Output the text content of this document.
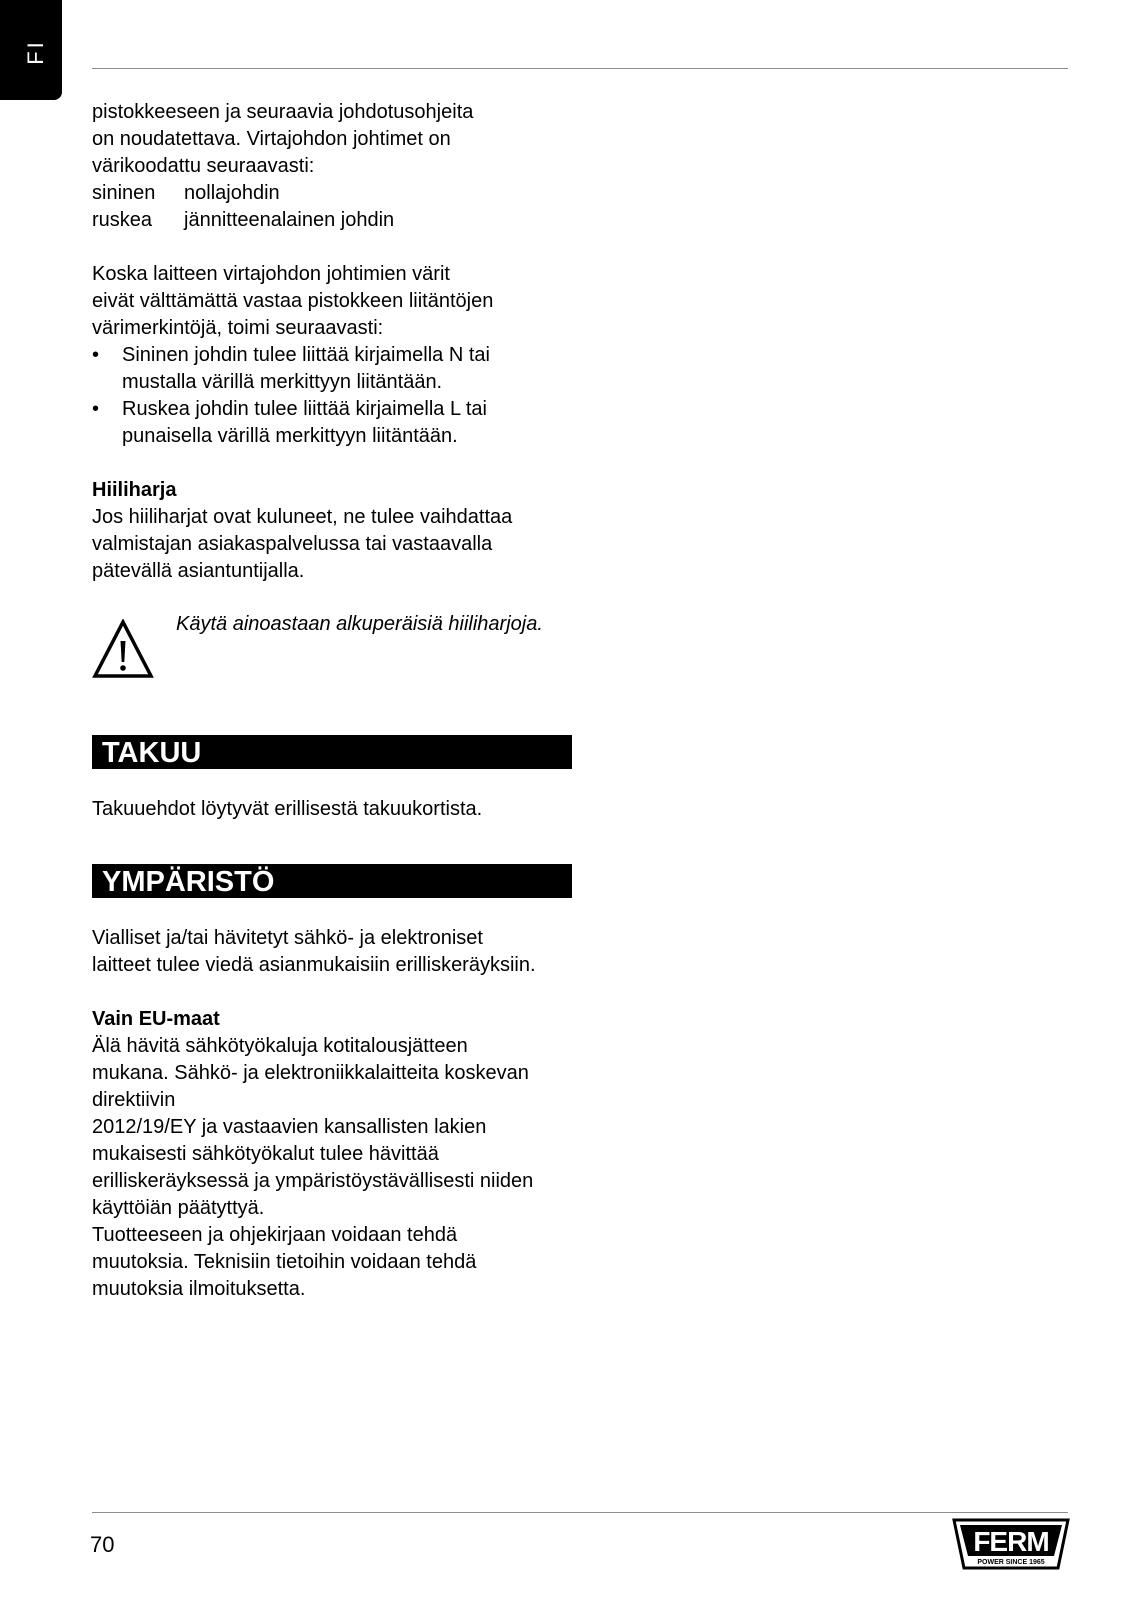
FI

pistokkeeseen ja seuraavia johdotusohjeita

on noudatettava. Virtajohdon johtimet on

värikoodattu seuraavasti:

sininen	nollajohdin
ruskea	jännitteenalainen johdin

Koska laitteen virtajohdon johtimien värit

eivät välttämättä vastaa pistokkeen liitäntöjen

värimerkintöjä, toimi seuraavasti:

• Sininen johdin tulee liittää kirjaimella N tai
mustalla värillä merkittyyn liitäntään.
• Ruskea johdin tulee liittää kirjaimella L tai
punaisella värillä merkittyyn liitäntään.

Hiiliharja

Jos hiiliharjat ovat kuluneet, ne tulee vaihdattaa

valmistajan asiakaspalvelussa tai vastaavalla

pätevällä asiantuntijalla.

Käytä ainoastaan alkuperäisiä hiiliharjoja.
TAKUU

Takuuehdot löytyvät erillisestä takuukortista.

YMPÄRISTÖ

Vialliset ja/tai hävitetyt sähkö- ja elektroniset

laitteet tulee viedä asianmukaisiin erilliskeräyksiin.

Vain EU-maat

Älä hävitä sähkötyökaluja kotitalousjätteen

mukana. Sähkö- ja elektroniikkalaitteita koskevan

direktiivin

2012/19/EY ja vastaavien kansallisten lakien

mukaisesti sähkötyökalut tulee hävittää

erilliskeräyksessä ja ympäristöystävällisesti niiden

käyttöiän päätyttyä.

Tuotteeseen ja ohjekirjaan voidaan tehdä

muutoksia. Teknisiin tietoihin voidaan tehdä

muutoksia ilmoituksetta.

70	FERM
POWER SINCE 1965
